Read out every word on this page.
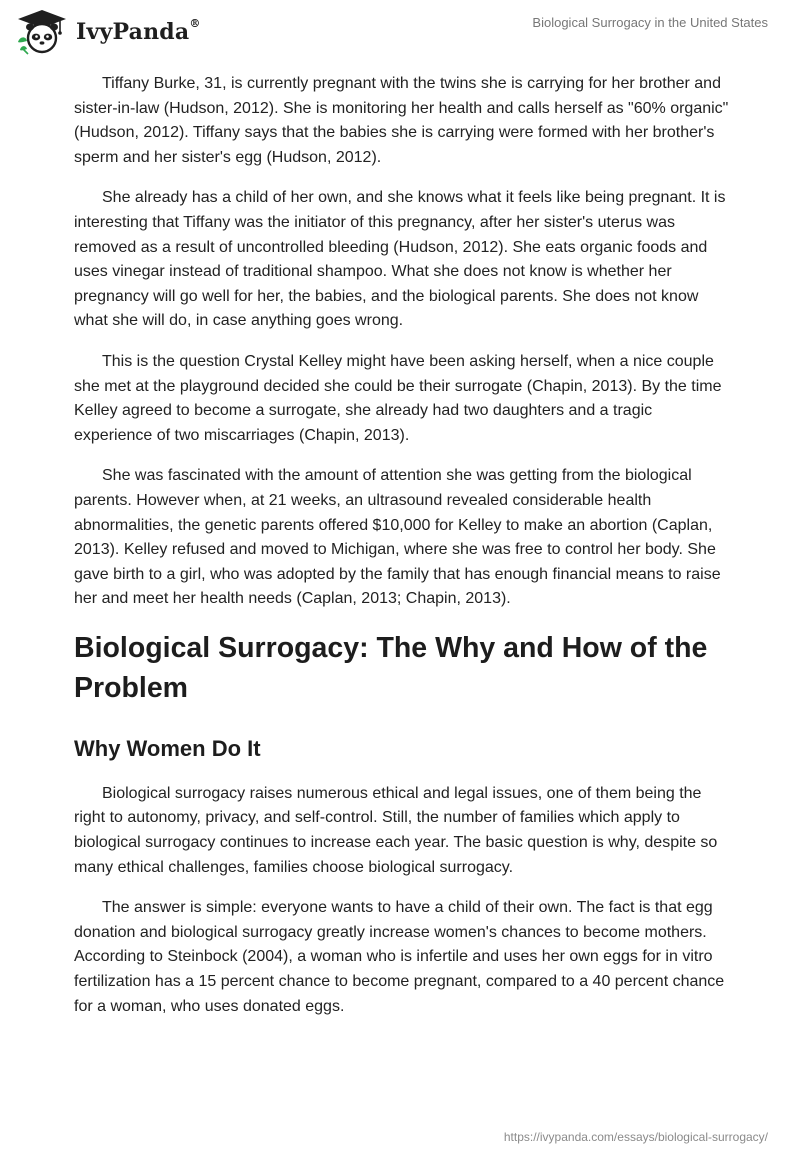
IvyPanda®	Biological Surrogacy in the United States

Tiffany Burke, 31, is currently pregnant with the twins she is carrying for her brother and sister-in-law (Hudson, 2012). She is monitoring her health and calls herself as "60% organic" (Hudson, 2012). Tiffany says that the babies she is carrying were formed with her brother's sperm and her sister's egg (Hudson, 2012).

She already has a child of her own, and she knows what it feels like being pregnant. It is interesting that Tiffany was the initiator of this pregnancy, after her sister's uterus was removed as a result of uncontrolled bleeding (Hudson, 2012). She eats organic foods and uses vinegar instead of traditional shampoo. What she does not know is whether her pregnancy will go well for her, the babies, and the biological parents. She does not know what she will do, in case anything goes wrong.

This is the question Crystal Kelley might have been asking herself, when a nice couple she met at the playground decided she could be their surrogate (Chapin, 2013). By the time Kelley agreed to become a surrogate, she already had two daughters and a tragic experience of two miscarriages (Chapin, 2013).

She was fascinated with the amount of attention she was getting from the biological parents. However when, at 21 weeks, an ultrasound revealed considerable health abnormalities, the genetic parents offered $10,000 for Kelley to make an abortion (Caplan, 2013). Kelley refused and moved to Michigan, where she was free to control her body. She gave birth to a girl, who was adopted by the family that has enough financial means to raise her and meet her health needs (Caplan, 2013; Chapin, 2013).

Biological Surrogacy: The Why and How of the Problem
Why Women Do It

Biological surrogacy raises numerous ethical and legal issues, one of them being the right to autonomy, privacy, and self-control. Still, the number of families which apply to biological surrogacy continues to increase each year. The basic question is why, despite so many ethical challenges, families choose biological surrogacy.

The answer is simple: everyone wants to have a child of their own. The fact is that egg donation and biological surrogacy greatly increase women's chances to become mothers. According to Steinbock (2004), a woman who is infertile and uses her own eggs for in vitro fertilization has a 15 percent chance to become pregnant, compared to a 40 percent chance for a woman, who uses donated eggs.

https://ivypanda.com/essays/biological-surrogacy/
